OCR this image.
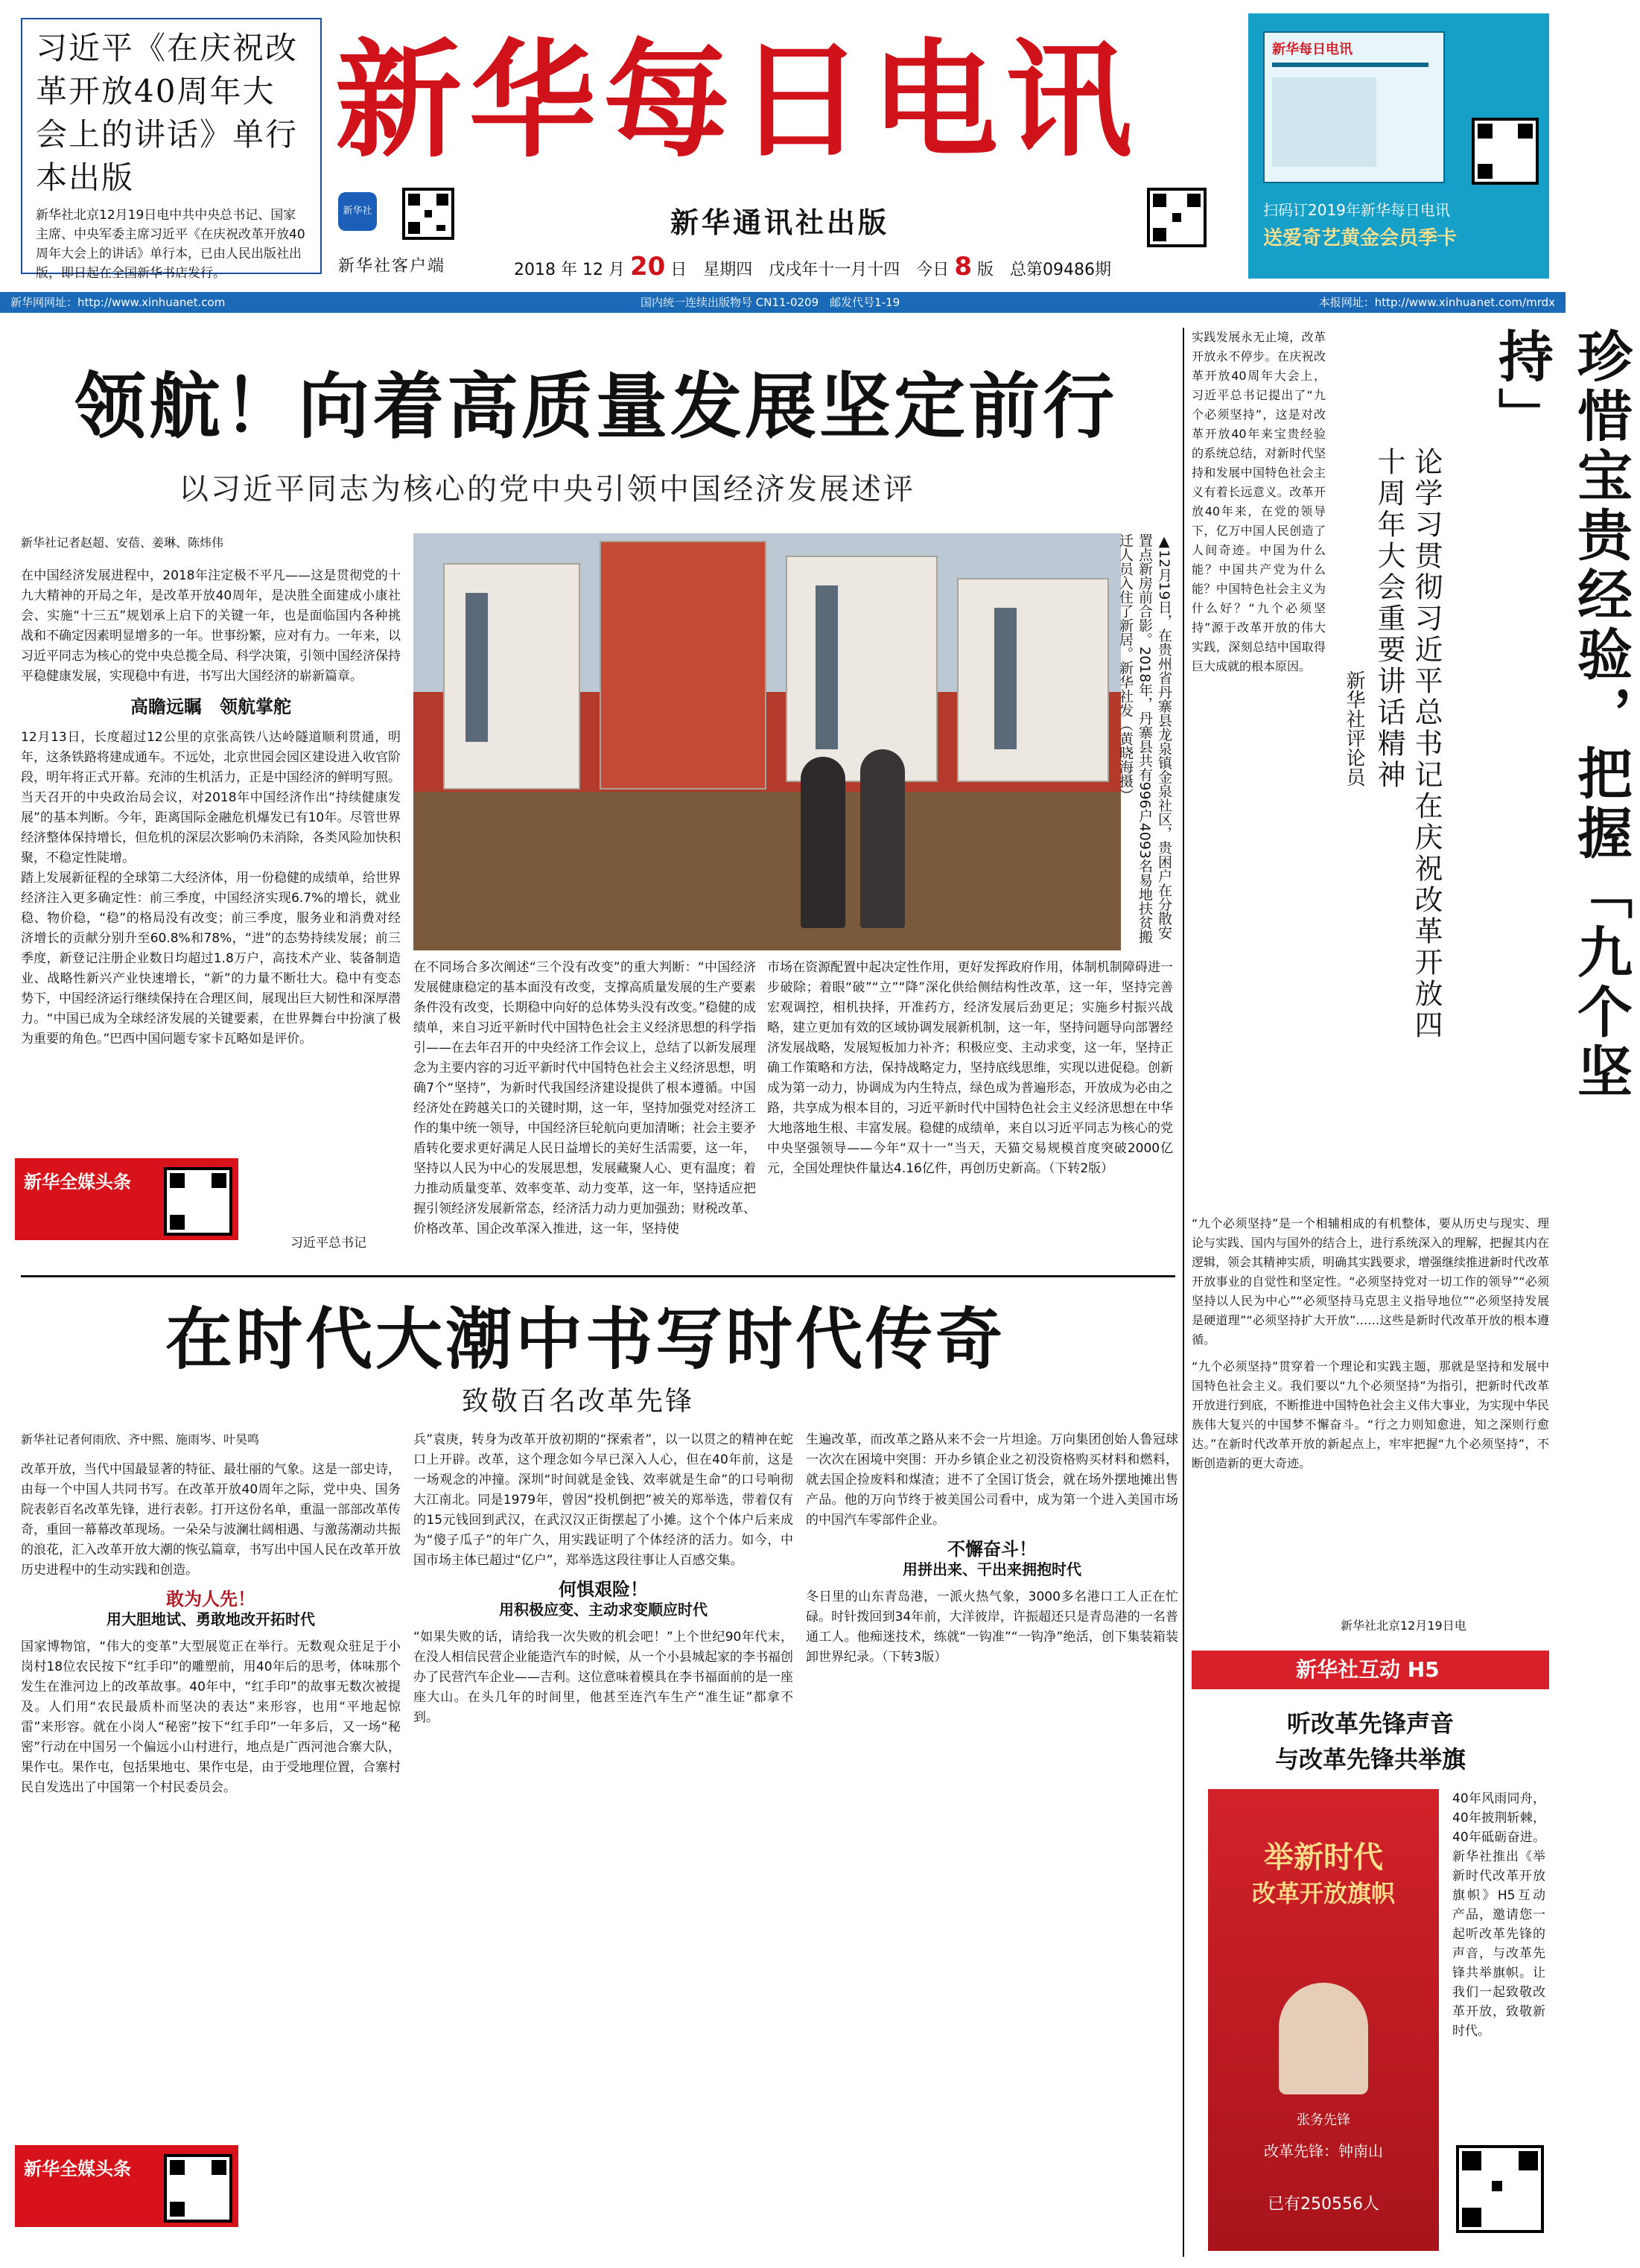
习近平《在庆祝改革开放40周年大会上的讲话》单行本出版
新华社北京12月19日电中共中央总书记、国家主席、中央军委主席习近平《在庆祝改革开放40周年大会上的讲话》单行本，已由人民出版社出版，即日起在全国新华书店发行。
新华每日电讯
新华社
新华社客户端
新华通讯社出版
2018 年 12 月 20 日　星期四　戊戌年十一月十四　今日 8 版　总第09486期
新华每日电讯
扫码订2019年新华每日电讯
送爱奇艺黄金会员季卡
新华网网址：http://www.xinhuanet.com	国内统一连续出版物号 CN11-0209　邮发代号1-19	本报网址：http://www.xinhuanet.com/mrdx
领航！向着高质量发展坚定前行
以习近平同志为核心的党中央引领中国经济发展述评
新华社记者赵超、安蓓、姜琳、陈炜伟
在中国经济发展进程中，2018年注定极不平凡——这是贯彻党的十九大精神的开局之年，是改革开放40周年，是决胜全面建成小康社会、实施“十三五”规划承上启下的关键一年，也是面临国内各种挑战和不确定因素明显增多的一年。世事纷繁，应对有力。一年来，以习近平同志为核心的党中央总揽全局、科学决策，引领中国经济保持平稳健康发展，实现稳中有进，书写出大国经济的崭新篇章。
高瞻远瞩　领航掌舵
12月13日，长度超过12公里的京张高铁八达岭隧道顺利贯通，明年，这条铁路将建成通车。不远处，北京世园会园区建设进入收官阶段，明年将正式开幕。充沛的生机活力，正是中国经济的鲜明写照。当天召开的中央政治局会议，对2018年中国经济作出“持续健康发展”的基本判断。今年，距离国际金融危机爆发已有10年。尽管世界经济整体保持增长，但危机的深层次影响仍未消除，各类风险加快积聚，不稳定性陡增。
踏上发展新征程的全球第二大经济体，用一份稳健的成绩单，给世界经济注入更多确定性：前三季度，中国经济实现6.7%的增长，就业稳、物价稳，“稳”的格局没有改变；前三季度，服务业和消费对经济增长的贡献分别升至60.8%和78%，“进”的态势持续发展；前三季度，新登记注册企业数日均超过1.8万户，高技术产业、装备制造业、战略性新兴产业快速增长，“新”的力量不断壮大。稳中有变态势下，中国经济运行继续保持在合理区间，展现出巨大韧性和深厚潜力。“中国已成为全球经济发展的关键要素，在世界舞台中扮演了极为重要的角色。”巴西中国问题专家卡瓦略如是评价。
▲12月19日，在贵州省丹寨县龙泉镇金泉社区，贵困户在分散安置点新房前合影。2018年，丹寨县共有996户4093名易地扶贫搬迁人员入住了新居。新华社发（黄晓海摄）
在不同场合多次阐述“三个没有改变”的重大判断：“中国经济发展健康稳定的基本面没有改变，支撑高质量发展的生产要素条件没有改变，长期稳中向好的总体势头没有改变。”稳健的成绩单，来自习近平新时代中国特色社会主义经济思想的科学指引——在去年召开的中央经济工作会议上，总结了以新发展理念为主要内容的习近平新时代中国特色社会主义经济思想，明确7个“坚持”，为新时代我国经济建设提供了根本遵循。中国经济处在跨越关口的关键时期，这一年，坚持加强党对经济工作的集中统一领导，中国经济巨轮航向更加清晰；社会主要矛盾转化要求更好满足人民日益增长的美好生活需要，这一年，坚持以人民为中心的发展思想，发展藏聚人心、更有温度；着力推动质量变革、效率变革、动力变革，这一年，坚持适应把握引领经济发展新常态，经济活力动力更加强劲；财税改革、价格改革、国企改革深入推进，这一年，坚持使
市场在资源配置中起决定性作用，更好发挥政府作用，体制机制障碍进一步破除；着眼“破”“立”“降”深化供给侧结构性改革，这一年，坚持完善宏观调控，相机抉择，开准药方，经济发展后劲更足；实施乡村振兴战略，建立更加有效的区域协调发展新机制，这一年，坚持问题导向部署经济发展战略，发展短板加力补齐；积极应变、主动求变，这一年，坚持正确工作策略和方法，保持战略定力，坚持底线思维，实现以进促稳。创新成为第一动力，协调成为内生特点，绿色成为普遍形态，开放成为必由之路，共享成为根本目的，习近平新时代中国特色社会主义经济思想在中华大地落地生根、丰富发展。稳健的成绩单，来自以习近平同志为核心的党中央坚强领导——今年“双十一”当天，天猫交易规模首度突破2000亿元，全国处理快件量达4.16亿件，再创历史新高。（下转2版）
新华全媒头条
习近平总书记
在时代大潮中书写时代传奇
致敬百名改革先锋
新华社记者何雨欣、齐中熙、施雨岑、叶昊鸣
改革开放，当代中国最显著的特征、最壮丽的气象。这是一部史诗，由每一个中国人共同书写。在改革开放40周年之际，党中央、国务院表彰百名改革先锋，进行表彰。打开这份名单，重温一部部改革传奇，重回一幕幕改革现场。一朵朵与波澜壮阔相遇、与激荡潮动共振的浪花，汇入改革开放大潮的恢弘篇章，书写出中国人民在改革开放历史进程中的生动实践和创造。
敢为人先！
用大胆地试、勇敢地改开拓时代
国家博物馆，“伟大的变革”大型展览正在举行。无数观众驻足于小岗村18位农民按下“红手印”的雕塑前，用40年后的思考，体味那个发生在淮河边上的改革故事。40年中，“红手印”的故事无数次被提及。人们用“农民最质朴而坚决的表达”来形容，也用“平地起惊雷”来形容。就在小岗人“秘密”按下“红手印”一年多后，又一场“秘密”行动在中国另一个偏远小山村进行，地点是广西河池合寨大队，果作屯。果作屯，包括果地屯、果作屯是，由于受地理位置，合寨村民自发选出了中国第一个村民委员会。
兵”袁庚，转身为改革开放初期的“探索者”，以一以贯之的精神在蛇口上开辟。改革，这个理念如今早已深入人心，但在40年前，这是一场观念的冲撞。深圳“时间就是金钱、效率就是生命”的口号响彻大江南北。同是1979年，曾因“投机倒把”被关的郑举选，带着仅有的15元钱回到武汉，在武汉汉正街摆起了小摊。这个个体户后来成为“傻子瓜子”的年广久，用实践证明了个体经济的活力。如今，中国市场主体已超过“亿户”，郑举选这段往事让人百感交集。
何惧艰险！
用积极应变、主动求变顺应时代
“如果失败的话，请给我一次失败的机会吧！”上个世纪90年代末，在没人相信民营企业能造汽车的时候，从一个小县城起家的李书福创办了民营汽车企业——吉利。这位意味着模具在李书福面前的是一座座大山。在头几年的时间里，他甚至连汽车生产“准生证”都拿不到。
生遍改革，而改革之路从来不会一片坦途。万向集团创始人鲁冠球一次次在困境中突围：开办乡镇企业之初没资格购买材料和燃料，就去国企捡废料和煤渣；进不了全国订货会，就在场外摆地摊出售产品。他的万向节终于被美国公司看中，成为第一个进入美国市场的中国汽车零部件企业。
不懈奋斗！
用拼出来、干出来拥抱时代
冬日里的山东青岛港，一派火热气象，3000多名港口工人正在忙碌。时针拨回到34年前，大洋彼岸，许振超还只是青岛港的一名普通工人。他痴迷技术，练就“一钩准”“一钩净”绝活，创下集装箱装卸世界纪录。（下转3版）
新华全媒头条
珍惜宝贵经验，把握「九个坚持」
论学习贯彻习近平总书记在庆祝改革开放四十周年大会重要讲话精神
新华社评论员
实践发展永无止境，改革开放永不停步。在庆祝改革开放40周年大会上，习近平总书记提出了“九个必须坚持”，这是对改革开放40年来宝贵经验的系统总结，对新时代坚持和发展中国特色社会主义有着长远意义。改革开放40年来，在党的领导下，亿万中国人民创造了人间奇迹。中国为什么能？中国共产党为什么能？中国特色社会主义为什么好？“九个必须坚持”源于改革开放的伟大实践，深刻总结中国取得巨大成就的根本原因。
“九个必须坚持”是一个相辅相成的有机整体，要从历史与现实、理论与实践、国内与国外的结合上，进行系统深入的理解，把握其内在逻辑，领会其精神实质，明确其实践要求，增强继续推进新时代改革开放事业的自觉性和坚定性。“必须坚持党对一切工作的领导”“必须坚持以人民为中心”“必须坚持马克思主义指导地位”“必须坚持发展是硬道理”“必须坚持扩大开放”……这些是新时代改革开放的根本遵循。
“九个必须坚持”贯穿着一个理论和实践主题，那就是坚持和发展中国特色社会主义。我们要以“九个必须坚持”为指引，把新时代改革开放进行到底，不断推进中国特色社会主义伟大事业，为实现中华民族伟大复兴的中国梦不懈奋斗。“行之力则知愈进，知之深则行愈达。”在新时代改革开放的新起点上，牢牢把握“九个必须坚持”，不断创造新的更大奇迹。
新华社北京12月19日电
新华社互动 H5
听改革先锋声音
与改革先锋共举旗
举新时代
改革开放旗帜
张务先锋
改革先锋：钟南山
已有250556人
40年风雨同舟，40年披荆斩棘，40年砥砺奋进。新华社推出《举新时代改革开放旗帜》H5互动产品，邀请您一起听改革先锋的声音，与改革先锋共举旗帜。让我们一起致敬改革开放，致敬新时代。
